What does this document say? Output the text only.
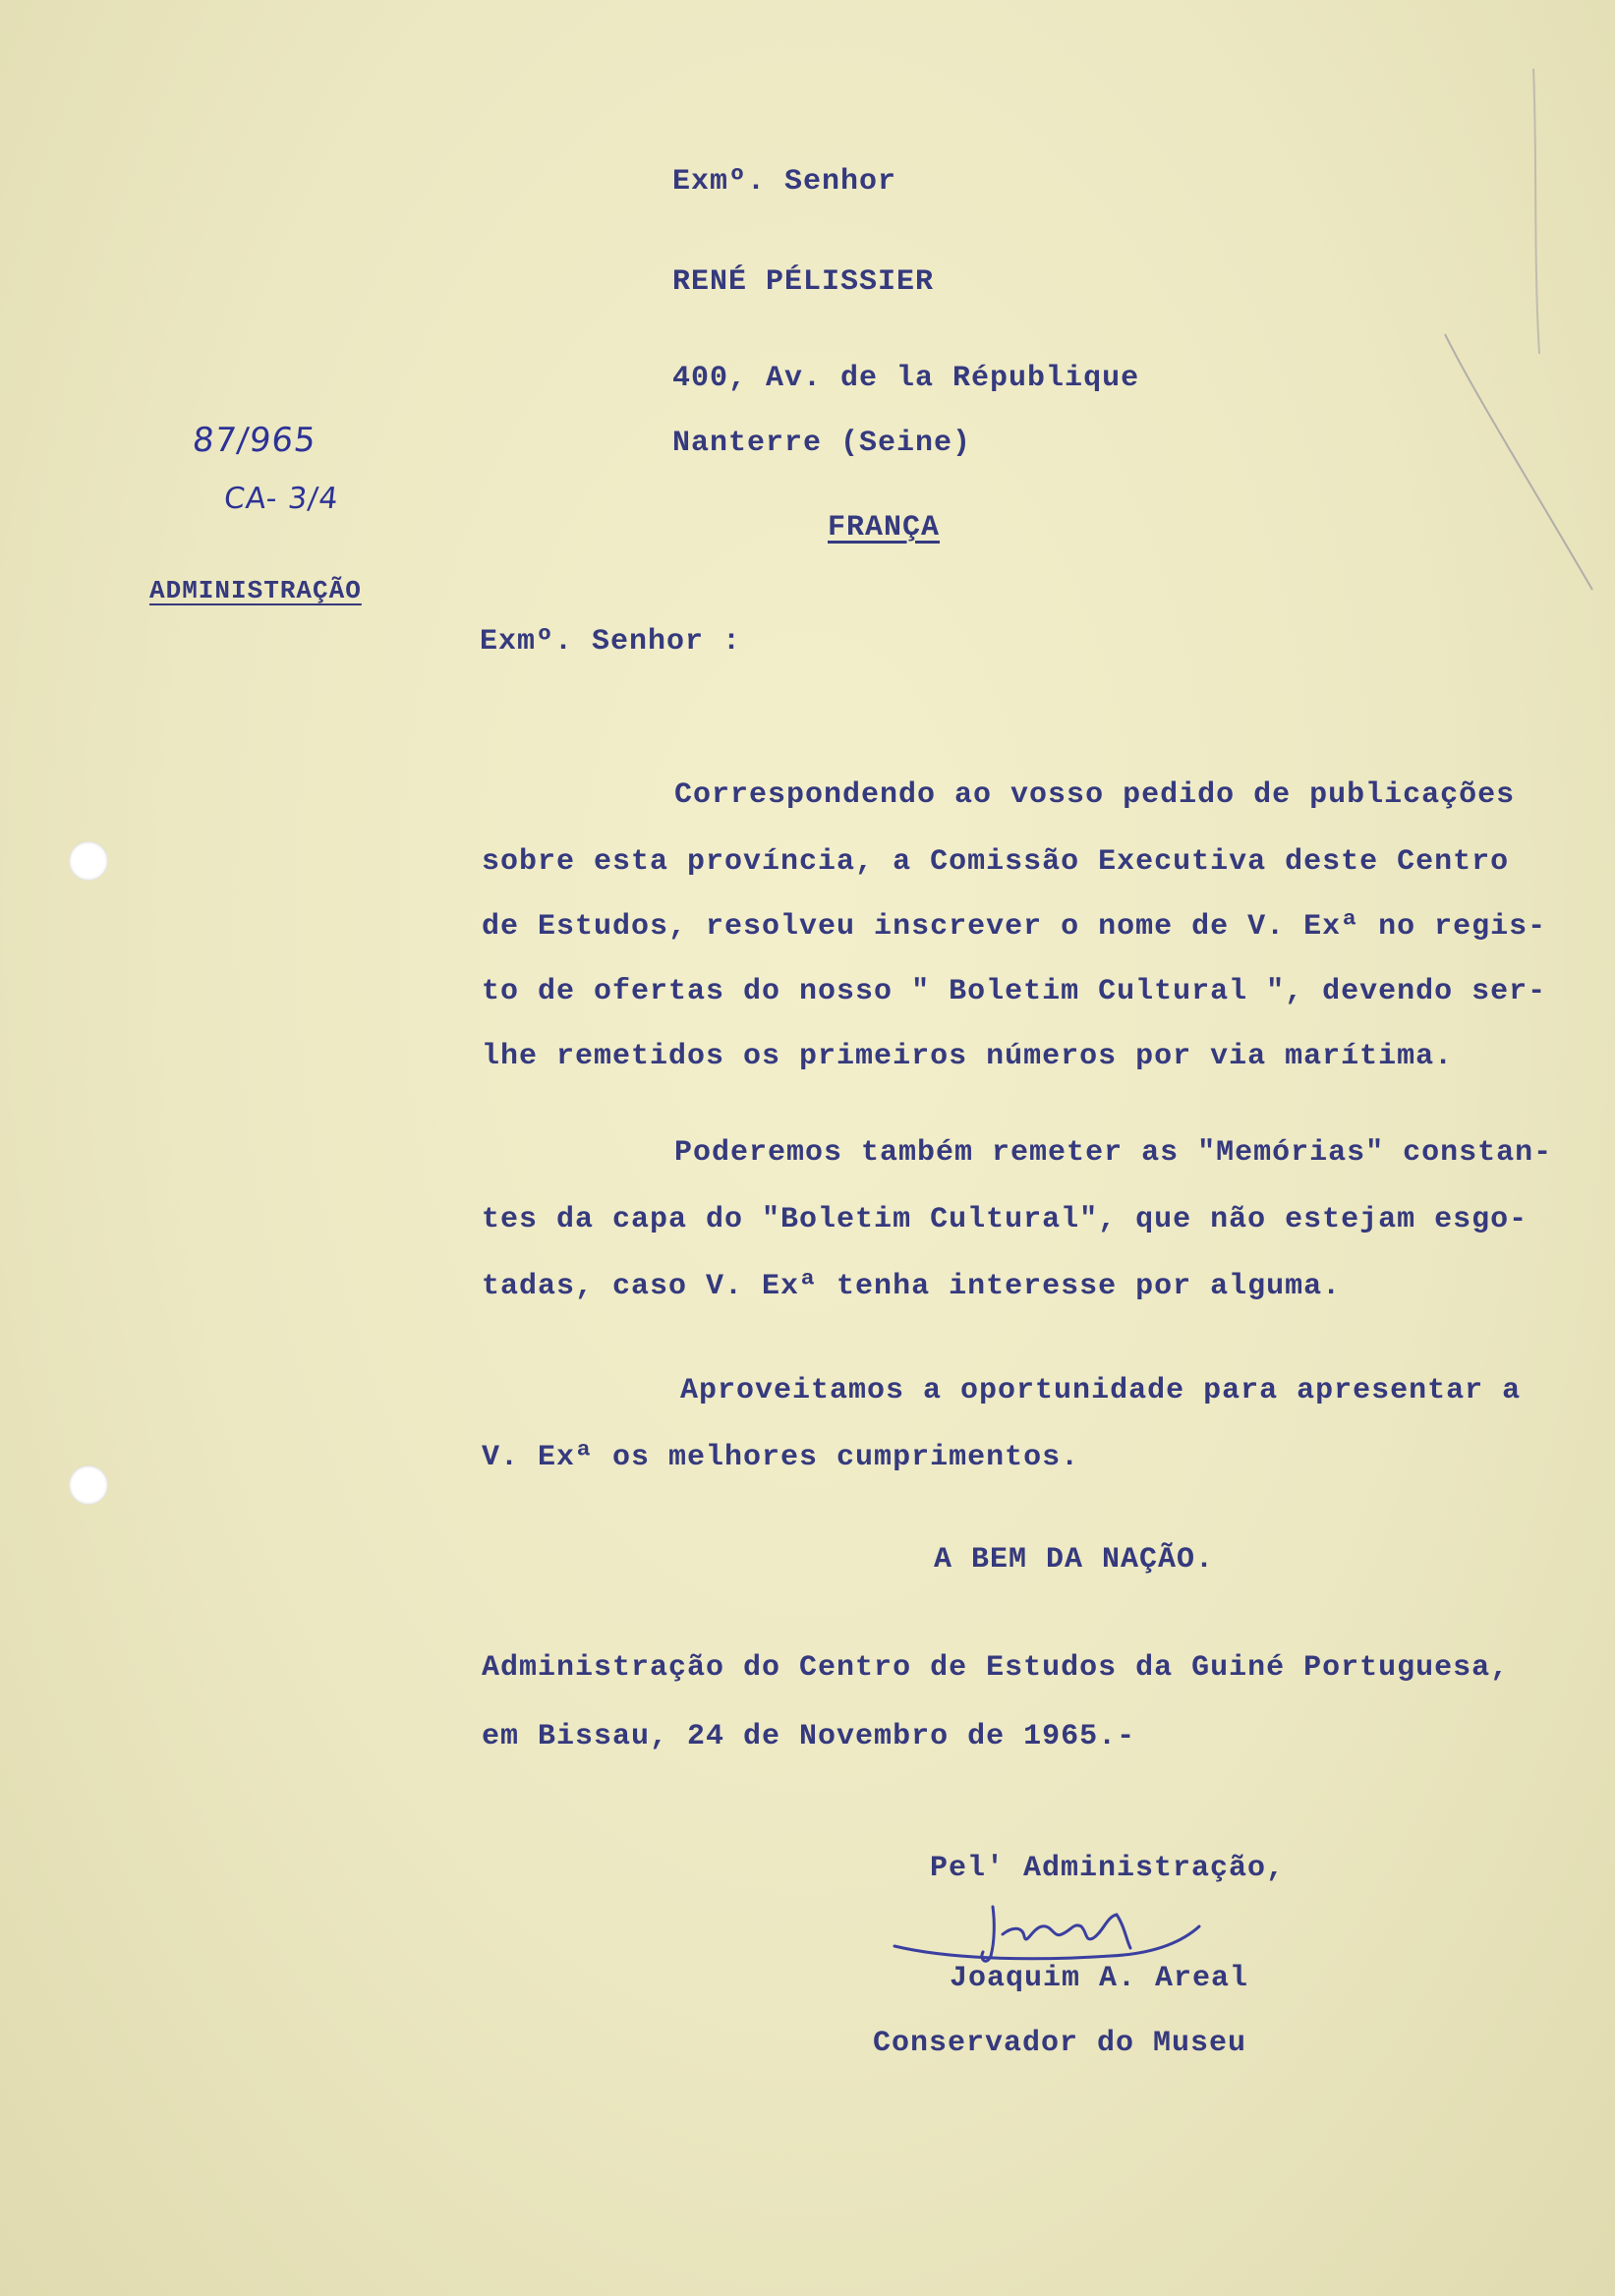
87/965
CA- 3/4
ADMINISTRAÇÃO
Exmº. Senhor
RENÉ PÉLISSIER
400, Av. de la République
Nanterre (Seine)
FRANÇA
Exmº. Senhor :
Correspondendo ao vosso pedido de publicações
sobre esta província, a Comissão Executiva deste Centro
de Estudos, resolveu inscrever o nome de V. Exª no regis-
to de ofertas do nosso " Boletim Cultural ", devendo ser-
lhe remetidos os primeiros números por via marítima.
Poderemos também remeter as "Memórias" constan-
tes da capa do "Boletim Cultural", que não estejam esgo-
tadas, caso V. Exª tenha interesse por alguma.
Aproveitamos a oportunidade para apresentar a
V. Exª os melhores cumprimentos.
A BEM DA NAÇÃO.
Administração do Centro de Estudos da Guiné Portuguesa,
em Bissau, 24 de Novembro de 1965.-
Pel' Administração,
Joaquim A. Areal
Conservador do Museu
